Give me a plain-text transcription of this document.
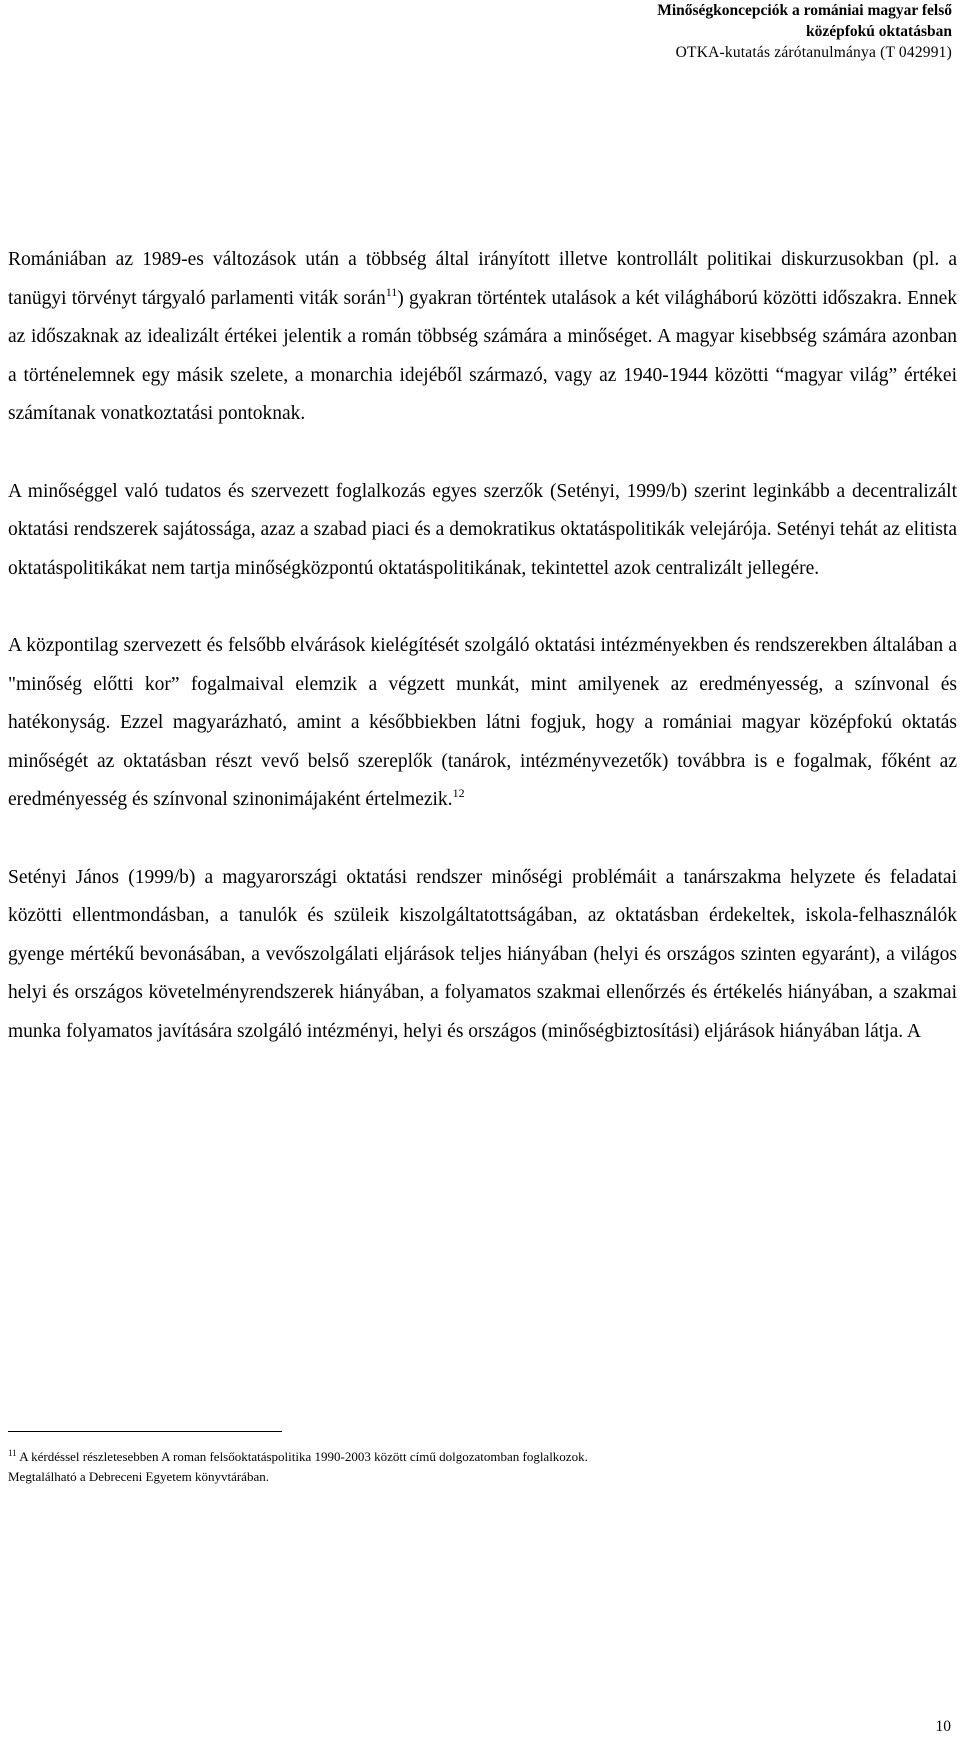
Minőségkoncepciók a romániai magyar felső
középfokú oktatásban
OTKA-kutatás zárótanulmánya (T 042991)

Romániában az 1989-es változások után a többség által irányított illetve kontrollált politikai diskurzusokban (pl. a tanügyi törvényt tárgyaló parlamenti viták során$^{11}$) gyakran történtek utalások a két világháború közötti időszakra. Ennek az időszaknak az idealizált értékei jelentik a román többség számára a minőséget. A magyar kisebbség számára azonban a történelemnek egy másik szelete, a monarchia idejéből származó, vagy az 1940-1944 közötti “magyar világ” értékei számítanak vonatkoztatási pontoknak.

A minőséggel való tudatos és szervezett foglalkozás egyes szerzők (Setényi, 1999/b) szerint leginkább a decentralizált oktatási rendszerek sajátossága, azaz a szabad piaci és a demokratikus oktatáspolitikák velejárója. Setényi tehát az elitista oktatáspolitikákat nem tartja minőségközpontú oktatáspolitikának, tekintettel azok centralizált jellegére.

A központilag szervezett és felsőbb elvárások kielégítését szolgáló oktatási intézményekben és rendszerekben általában a "minőség előtti kor” fogalmaival elemzik a végzett munkát, mint amilyenek az eredményesség, a színvonal és hatékonyság. Ezzel magyarázható, amint a későbbiekben látni fogjuk, hogy a romániai magyar középfokú oktatás minőségét az oktatásban részt vevő belső szereplők (tanárok, intézményvezetők) továbbra is e fogalmak, főként az eredményesség és színvonal szinonimájaként értelmezik.$^{12}$

Setényi János (1999/b) a magyarországi oktatási rendszer minőségi problémáit a tanárszakma helyzete és feladatai közötti ellentmondásban, a tanulók és szüleik kiszolgáltatottságában, az oktatásban érdekeltek, iskola-felhasználók gyenge mértékű bevonásában, a vevőszolgálati eljárások teljes hiányában (helyi és országos szinten egyaránt), a világos helyi és országos követelményrendszerek hiányában, a folyamatos szakmai ellenőrzés és értékelés hiányában, a szakmai munka folyamatos javítására szolgáló intézményi, helyi és országos (minőségbiztosítási) eljárások hiányában látja. A

$^{11}$ A kérdéssel részletesebben A roman felsőoktatáspolitika 1990-2003 között című dolgozatomban foglalkozok.
Megtalálható a Debreceni Egyetem könyvtárában.
10
